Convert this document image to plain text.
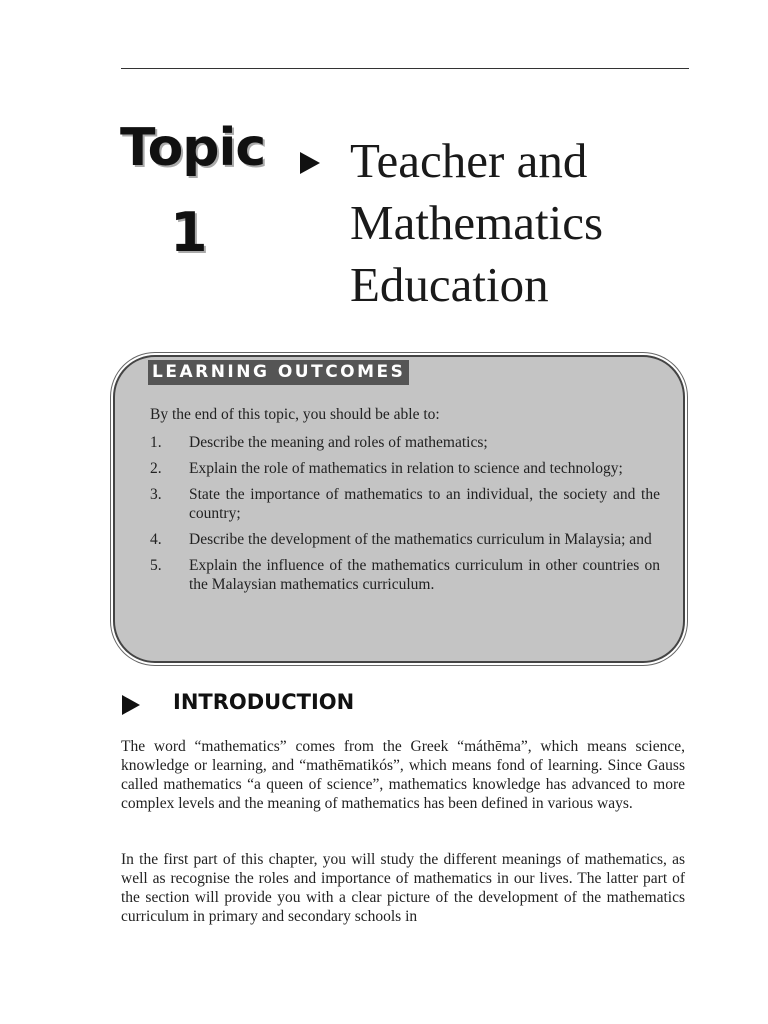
Topic
1
Teacher and
Mathematics
Education
LEARNING OUTCOMES
By the end of this topic, you should be able to:
1.	Describe the meaning and roles of mathematics;
2.	Explain the role of mathematics in relation to science and technology;
3.	State the importance of mathematics to an individual, the society and the country;
4.	Describe the development of the mathematics curriculum in Malaysia; and
5.	Explain the influence of the mathematics curriculum in other countries on the Malaysian mathematics curriculum.
INTRODUCTION

The word “mathematics” comes from the Greek “máthēma”, which means science, knowledge or learning, and “mathēmatikós”, which means fond of learning. Since Gauss called mathematics “a queen of science”, mathematics knowledge has advanced to more complex levels and the meaning of mathematics has been defined in various ways.

In the first part of this chapter, you will study the different meanings of mathematics, as well as recognise the roles and importance of mathematics in our lives. The latter part of the section will provide you with a clear picture of the development of the mathematics curriculum in primary and secondary schools in
